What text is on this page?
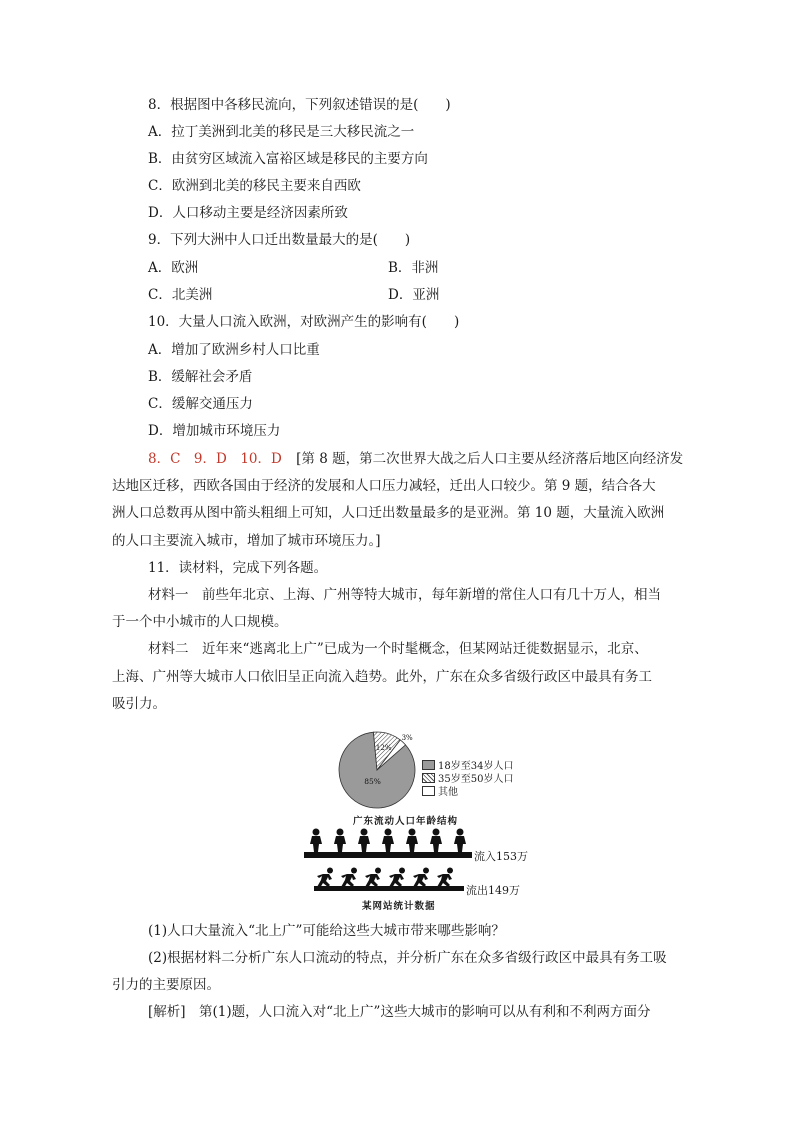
8．根据图中各移民流向，下列叙述错误的是(　　)
A．拉丁美洲到北美的移民是三大移民流之一
B．由贫穷区域流入富裕区域是移民的主要方向
C．欧洲到北美的移民主要来自西欧
D．人口移动主要是经济因素所致
9．下列大洲中人口迁出数量最大的是(　　)
A．欧洲	B．非洲
C．北美洲	D．亚洲
10．大量人口流入欧洲，对欧洲产生的影响有(　　)
A．增加了欧洲乡村人口比重
B．缓解社会矛盾
C．缓解交通压力
D．增加城市环境压力
8．C　9．D　10．D [第 8 题，第二次世界大战之后人口主要从经济落后地区向经济发
达地区迁移，西欧各国由于经济的发展和人口压力减轻，迁出人口较少。第 9 题，结合各大
洲人口总数再从图中箭头粗细上可知，人口迁出数量最多的是亚洲。第 10 题，大量流入欧洲
的人口主要流入城市，增加了城市环境压力。]
11．读材料，完成下列各题。
材料一　前些年北京、上海、广州等特大城市，每年新增的常住人口有几十万人，相当
于一个中小城市的人口规模。
材料二　近年来“逃离北上广”已成为一个时髦概念，但某网站迁徙数据显示，北京、
上海、广州等大城市人口依旧呈正向流入趋势。此外，广东在众多省级行政区中最具有务工
吸引力。
85%
12%
3%
18岁至34岁人口
35岁至50岁人口
其他
广东流动人口年龄结构
流入153万
流出149万
某网站统计数据
(1)人口大量流入“北上广”可能给这些大城市带来哪些影响？
(2)根据材料二分析广东人口流动的特点，并分析广东在众多省级行政区中最具有务工吸
引力的主要原因。
[解析]　第(1)题，人口流入对“北上广”这些大城市的影响可以从有利和不利两方面分
